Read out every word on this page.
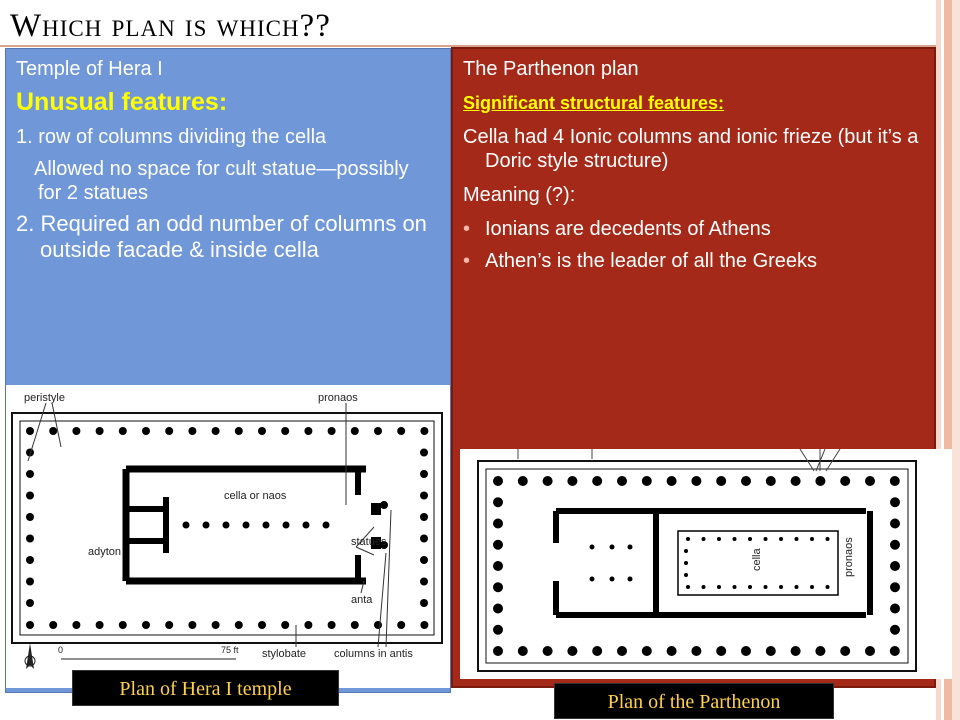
Which plan is which??

Temple of Hera I

Unusual features:

1. row of columns dividing the cella

Allowed no space for cult statue—possibly for 2 statues

2. Required an odd number of columns on outside facade & inside cella

The Parthenon plan

Significant structural features:

Cella had 4 Ionic columns and ionic frieze (but it’s a Doric style structure)

Meaning (?):

• Ionians are decedents of Athens

• Athen’s is the leader of all the Greeks

peristyle	pronaos
cella or naos
adyton
anta
statues
stylobate	columns in antis
0	75 ft
Plan of Hera I temple
cella	pronaos
Plan of the Parthenon
